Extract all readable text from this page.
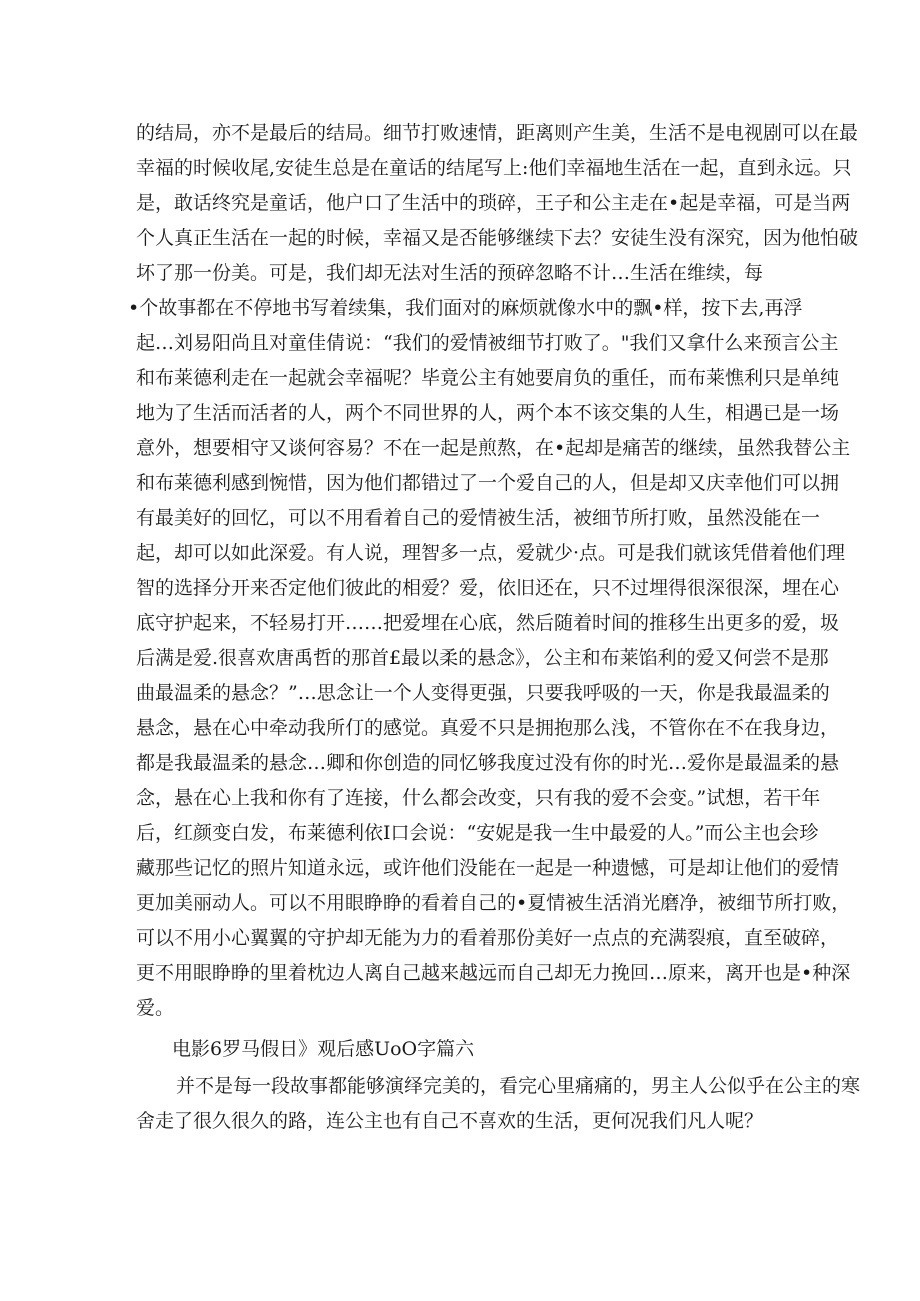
的结局，亦不是最后的结局。细节打败速情，距离则产生美，生活不是电视剧可以在最
幸福的时候收尾,安徒生总是在童话的结尾写上:他们幸福地生活在一起，直到永远。只
是，敢话终究是童话，他户口了生活中的琐碎，王子和公主走在•起是幸福，可是当两
个人真正生活在一起的时候，幸福又是否能够继续下去？安徒生没有深究，因为他怕破
坏了那一份美。可是，我们却无法对生活的预碎忽略不计…生活在维续，每
•个故事都在不停地书写着续集，我们面对的麻烦就像水中的飘•样，按下去,再浮
起…刘易阳尚且对童佳倩说：“我们的爱情被细节打败了。"我们又拿什么来预言公主
和布莱德利走在一起就会幸福呢？毕竟公主有她要肩负的重任，而布莱憔利只是单纯
地为了生活而活者的人，两个不同世界的人，两个本不该交集的人生，相遇已是一场
意外，想要相守又谈何容易？不在一起是煎熬，在•起却是痛苦的继续，虽然我替公主
和布莱德利感到惋惜，因为他们都错过了一个爱自己的人，但是却又庆幸他们可以拥
有最美好的回忆，可以不用看着自己的爱情被生活，被细节所打败，虽然没能在一
起，却可以如此深爱。有人说，理智多一点，爱就少·点。可是我们就该凭借着他们理
智的选择分开来否定他们彼此的相爱？爱，依旧还在，只不过埋得很深很深，埋在心
底守护起来，不轻易打开……把爱埋在心底，然后随着时间的推移生出更多的爱，圾
后满是爱.很喜欢唐禹哲的那首£最以柔的悬念》，公主和布莱馅利的爱又何尝不是那
曲最温柔的悬念？”…思念让一个人变得更强，只要我呼吸的一天，你是我最温柔的
悬念，悬在心中牵动我所仃的感觉。真爱不只是拥抱那么浅，不管你在不在我身边，
都是我最温柔的悬念…卿和你创造的同忆够我度过没有你的时光…爱你是最温柔的悬
念，悬在心上我和你有了连接，什么都会改变，只有我的爱不会变。”试想，若干年
后，红颜变白发，布莱德利依I口会说：“安妮是我一生中最爱的人。”而公主也会珍
藏那些记忆的照片知道永远，或许他们没能在一起是一种遗憾，可是却让他们的爱情
更加美丽动人。可以不用眼睁睁的看着自己的•夏情被生活消光磨净，被细节所打败，
可以不用小心翼翼的守护却无能为力的看着那份美好一点点的充满裂痕，直至破碎，
更不用眼睁睁的里着枕边人离自己越来越远而自己却无力挽回…原来，离开也是•种深
爱。
电影6罗马假日》观后感UoO字篇六
并不是每一段故事都能够演绎完美的，看完心里痛痛的，男主人公似乎在公主的寒
舍走了很久很久的路，连公主也有自己不喜欢的生活，更何况我们凡人呢？
